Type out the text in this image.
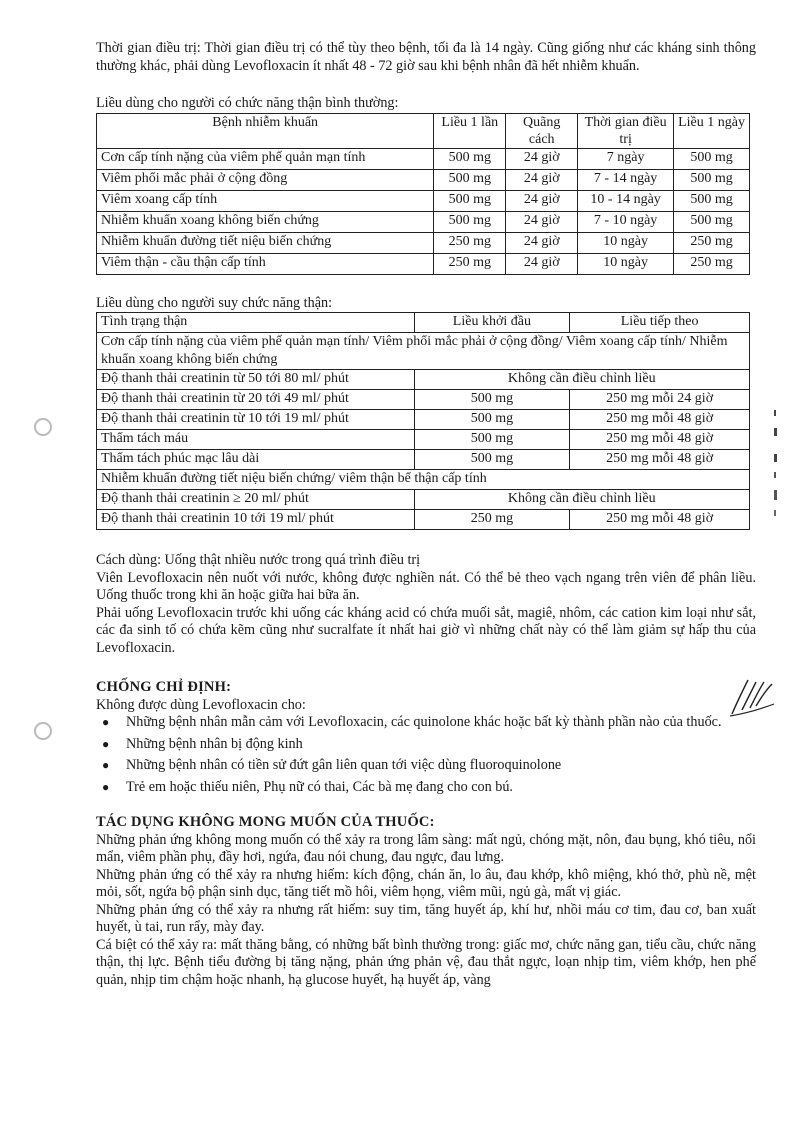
Thời gian điều trị: Thời gian điều trị có thể tùy theo bệnh, tối đa là 14 ngày. Cũng giống như các kháng sinh thông thường khác, phải dùng Levofloxacin ít nhất 48 - 72 giờ sau khi bệnh nhân đã hết nhiễm khuẩn.

Liều dùng cho người có chức năng thận bình thường:

Bệnh nhiễm khuẩn	Liều 1 lần	Quãng cách	Thời gian điều trị	Liều 1 ngày
Cơn cấp tính nặng của viêm phế quản mạn tính	500 mg	24 giờ	7 ngày	500 mg
Viêm phổi mắc phải ở cộng đồng	500 mg	24 giờ	7 - 14 ngày	500 mg
Viêm xoang cấp tính	500 mg	24 giờ	10 - 14 ngày	500 mg
Nhiễm khuẩn xoang không biến chứng	500 mg	24 giờ	7 - 10 ngày	500 mg
Nhiễm khuẩn đường tiết niệu biến chứng	250 mg	24 giờ	10 ngày	250 mg
Viêm thận - cầu thận cấp tính	250 mg	24 giờ	10 ngày	250 mg

Liều dùng cho người suy chức năng thận:

Tình trạng thận	Liều khởi đầu	Liều tiếp theo
Cơn cấp tính nặng của viêm phế quản mạn tính/ Viêm phổi mắc phải ở cộng đồng/ Viêm xoang cấp tính/ Nhiễm khuẩn xoang không biến chứng		
Độ thanh thải creatinin từ 50 tới 80 ml/ phút	Không cần điều chỉnh liều	
Độ thanh thải creatinin từ 20 tới 49 ml/ phút	500 mg	250 mg mỗi 24 giờ
Độ thanh thải creatinin từ 10 tới 19 ml/ phút	500 mg	250 mg mỗi 48 giờ
Thẩm tách máu	500 mg	250 mg mỗi 48 giờ
Thẩm tách phúc mạc lâu dài	500 mg	250 mg mỗi 48 giờ
Nhiễm khuẩn đường tiết niệu biến chứng/ viêm thận bể thận cấp tính		
Độ thanh thải creatinin ≥ 20 ml/ phút	Không cần điều chỉnh liều	
Độ thanh thải creatinin 10 tới 19 ml/ phút	250 mg	250 mg mỗi 48 giờ

Cách dùng: Uống thật nhiều nước trong quá trình điều trị

Viên Levofloxacin nên nuốt với nước, không được nghiền nát. Có thể bẻ theo vạch ngang trên viên để phân liều. Uống thuốc trong khi ăn hoặc giữa hai bữa ăn.

Phải uống Levofloxacin trước khi uống các kháng acid có chứa muối sắt, magiê, nhôm, các cation kim loại như sắt, các đa sinh tố có chứa kẽm cũng như sucralfate ít nhất hai giờ vì những chất này có thể làm giảm sự hấp thu của Levofloxacin.

CHỐNG CHỈ ĐỊNH:

Không được dùng Levofloxacin cho:

● Những bệnh nhân mẫn cảm với Levofloxacin, các quinolone khác hoặc bất kỳ thành phần nào của thuốc.
● Những bệnh nhân bị động kinh
● Những bệnh nhân có tiền sử đứt gân liên quan tới việc dùng fluoroquinolone
● Trẻ em hoặc thiếu niên, Phụ nữ có thai, Các bà mẹ đang cho con bú.
TÁC DỤNG KHÔNG MONG MUỐN CỦA THUỐC:

Những phản ứng không mong muốn có thể xảy ra trong lâm sàng: mất ngủ, chóng mặt, nôn, đau bụng, khó tiêu, nổi mẩn, viêm phần phụ, đầy hơi, ngứa, đau nói chung, đau ngực, đau lưng.

Những phản ứng có thể xảy ra nhưng hiếm: kích động, chán ăn, lo âu, đau khớp, khô miệng, khó thở, phù nề, mệt mỏi, sốt, ngứa bộ phận sinh dục, tăng tiết mồ hôi, viêm họng, viêm mũi, ngủ gà, mất vị giác.

Những phản ứng có thể xảy ra nhưng rất hiếm: suy tim, tăng huyết áp, khí hư, nhồi máu cơ tim, đau cơ, ban xuất huyết, ù tai, run rẩy, mày đay.

Cá biệt có thể xảy ra: mất thăng bằng, có những bất bình thường trong: giấc mơ, chức năng gan, tiểu cầu, chức năng thận, thị lực. Bệnh tiểu đường bị tăng nặng, phản ứng phản vệ, đau thắt ngực, loạn nhịp tim, viêm khớp, hen phế quản, nhịp tim chậm hoặc nhanh, hạ glucose huyết, hạ huyết áp, vàng
